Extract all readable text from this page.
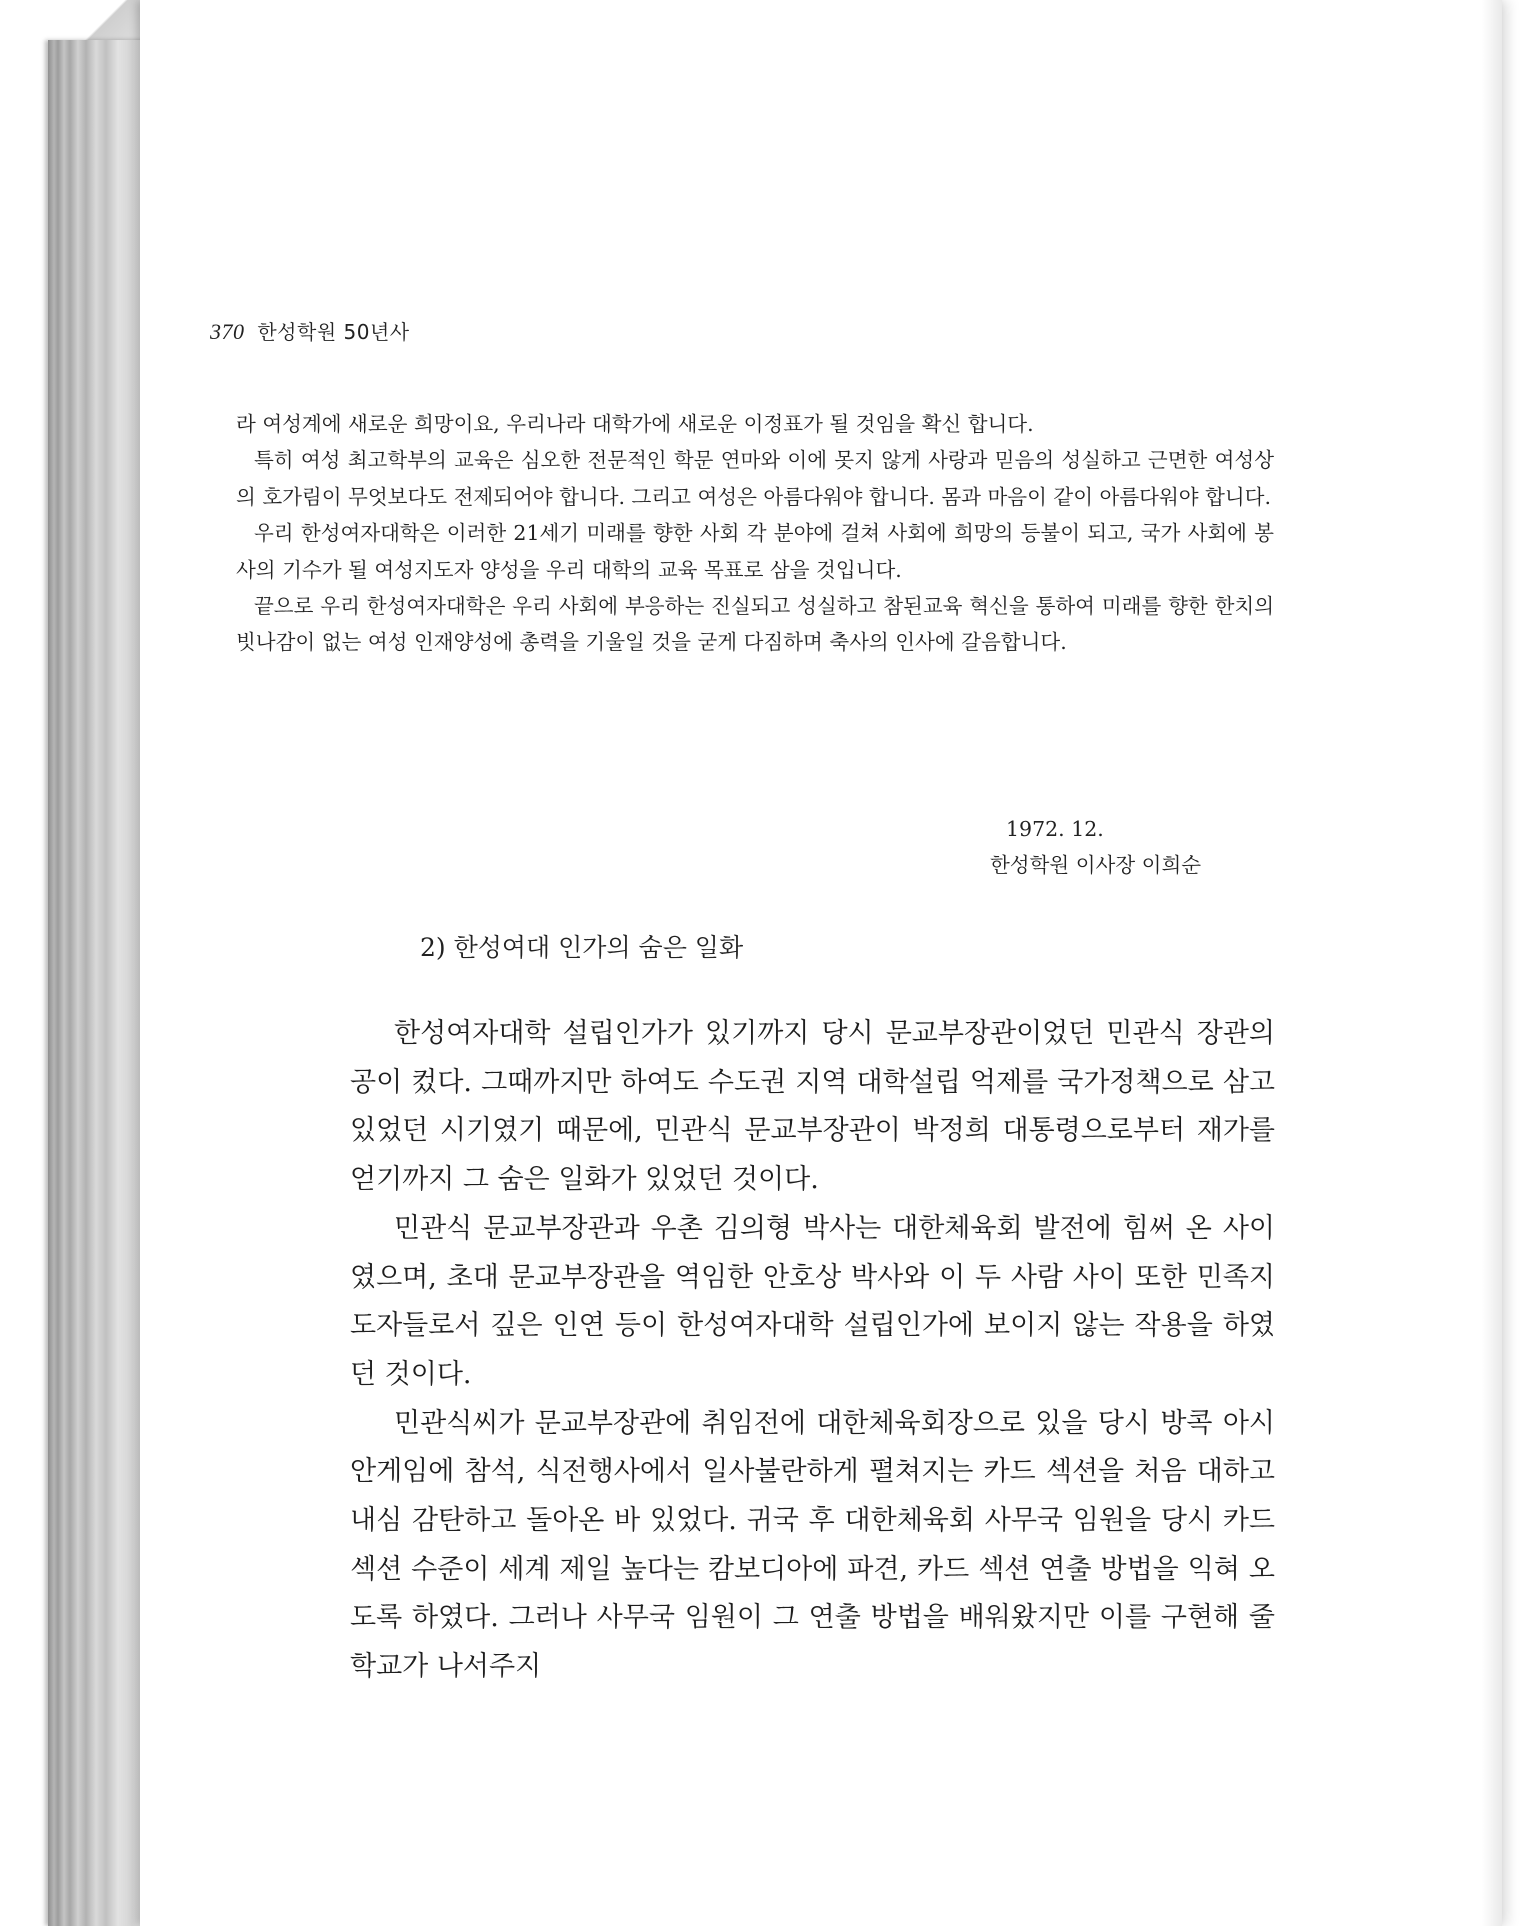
370 한성학원 50년사

라 여성계에 새로운 희망이요, 우리나라 대학가에 새로운 이정표가 될 것임을 확신 합니다.

특히 여성 최고학부의 교육은 심오한 전문적인 학문 연마와 이에 못지 않게 사랑과 믿음의 성실하고 근면한 여성상의 호가림이 무엇보다도 전제되어야 합니다. 그리고 여성은 아름다워야 합니다. 몸과 마음이 같이 아름다워야 합니다.

우리 한성여자대학은 이러한 21세기 미래를 향한 사회 각 분야에 걸쳐 사회에 희망의 등불이 되고, 국가 사회에 봉사의 기수가 될 여성지도자 양성을 우리 대학의 교육 목표로 삼을 것입니다.

끝으로 우리 한성여자대학은 우리 사회에 부응하는 진실되고 성실하고 참된교육 혁신을 통하여 미래를 향한 한치의 빗나감이 없는 여성 인재양성에 총력을 기울일 것을 굳게 다짐하며 축사의 인사에 갈음합니다.

1972. 12.
한성학원 이사장 이희순
2) 한성여대 인가의 숨은 일화

한성여자대학 설립인가가 있기까지 당시 문교부장관이었던 민관식 장관의 공이 컸다. 그때까지만 하여도 수도권 지역 대학설립 억제를 국가정책으로 삼고 있었던 시기였기 때문에, 민관식 문교부장관이 박정희 대통령으로부터 재가를 얻기까지 그 숨은 일화가 있었던 것이다.

민관식 문교부장관과 우촌 김의형 박사는 대한체육회 발전에 힘써 온 사이였으며, 초대 문교부장관을 역임한 안호상 박사와 이 두 사람 사이 또한 민족지도자들로서 깊은 인연 등이 한성여자대학 설립인가에 보이지 않는 작용을 하였던 것이다.

민관식씨가 문교부장관에 취임전에 대한체육회장으로 있을 당시 방콕 아시안게임에 참석, 식전행사에서 일사불란하게 펼쳐지는 카드 섹션을 처음 대하고 내심 감탄하고 돌아온 바 있었다. 귀국 후 대한체육회 사무국 임원을 당시 카드 섹션 수준이 세계 제일 높다는 캄보디아에 파견, 카드 섹션 연출 방법을 익혀 오도록 하였다. 그러나 사무국 임원이 그 연출 방법을 배워왔지만 이를 구현해 줄 학교가 나서주지
